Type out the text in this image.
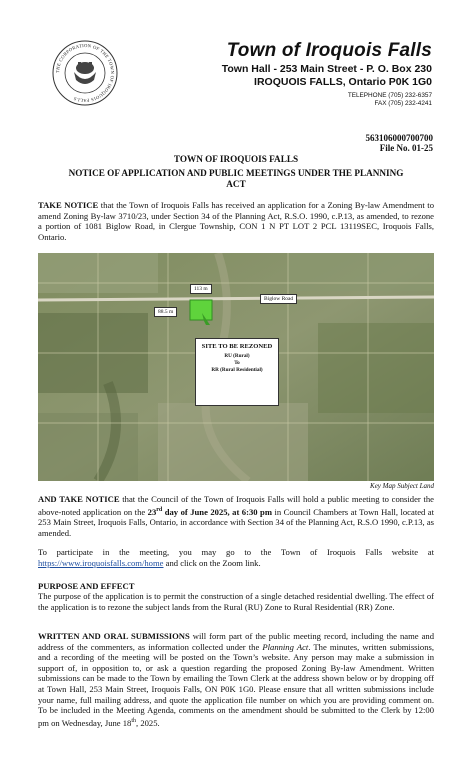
THE CORPORATION OF THE TOWN OF IROQUOIS FALLS
Town of Iroquois Falls
Town Hall - 253 Main Street - P. O. Box 230
IROQUOIS FALLS, Ontario P0K 1G0
TELEPHONE (705) 232-6357
FAX (705) 232-4241
563106000700700
File No. 01-25
TOWN OF IROQUOIS FALLS
NOTICE OF APPLICATION AND PUBLIC MEETINGS UNDER THE PLANNING ACT
TAKE NOTICE that the Town of Iroquois Falls has received an application for a Zoning By-law Amendment to amend Zoning By-law 3710/23, under Section 34 of the Planning Act, R.S.O. 1990, c.P.13, as amended, to rezone a portion of 1081 Biglow Road, in Clergue Township, CON 1 N PT LOT 2 PCL 13119SEC, Iroquois Falls, Ontario.
113 m
88.5 m
Biglow Road
SITE TO BE REZONED
RU (Rural)
To
RR (Rural Residential)
Key Map Subject Land
AND TAKE NOTICE that the Council of the Town of Iroquois Falls will hold a public meeting to consider the above-noted application on the 23rd day of June 2025, at 6:30 pm in Council Chambers at Town Hall, located at 253 Main Street, Iroquois Falls, Ontario, in accordance with Section 34 of the Planning Act, R.S.O 1990, c.P.13, as amended.
To participate in the meeting, you may go to the Town of Iroquois Falls website at https://www.iroquoisfalls.com/home and click on the Zoom link.
PURPOSE AND EFFECT
The purpose of the application is to permit the construction of a single detached residential dwelling. The effect of the application is to rezone the subject lands from the Rural (RU) Zone to Rural Residential (RR) Zone.
WRITTEN AND ORAL SUBMISSIONS will form part of the public meeting record, including the name and address of the commenters, as information collected under the Planning Act. The minutes, written submissions, and a recording of the meeting will be posted on the Town’s website. Any person may make a submission in support of, in opposition to, or ask a question regarding the proposed Zoning By-law Amendment. Written submissions can be made to the Town by emailing the Town Clerk at the address shown below or by dropping off at Town Hall, 253 Main Street, Iroquois Falls, ON P0K 1G0. Please ensure that all written submissions include your name, full mailing address, and quote the application file number on which you are providing comment on. To be included in the Meeting Agenda, comments on the amendment should be submitted to the Clerk by 12:00 pm on Wednesday, June 18th, 2025.
